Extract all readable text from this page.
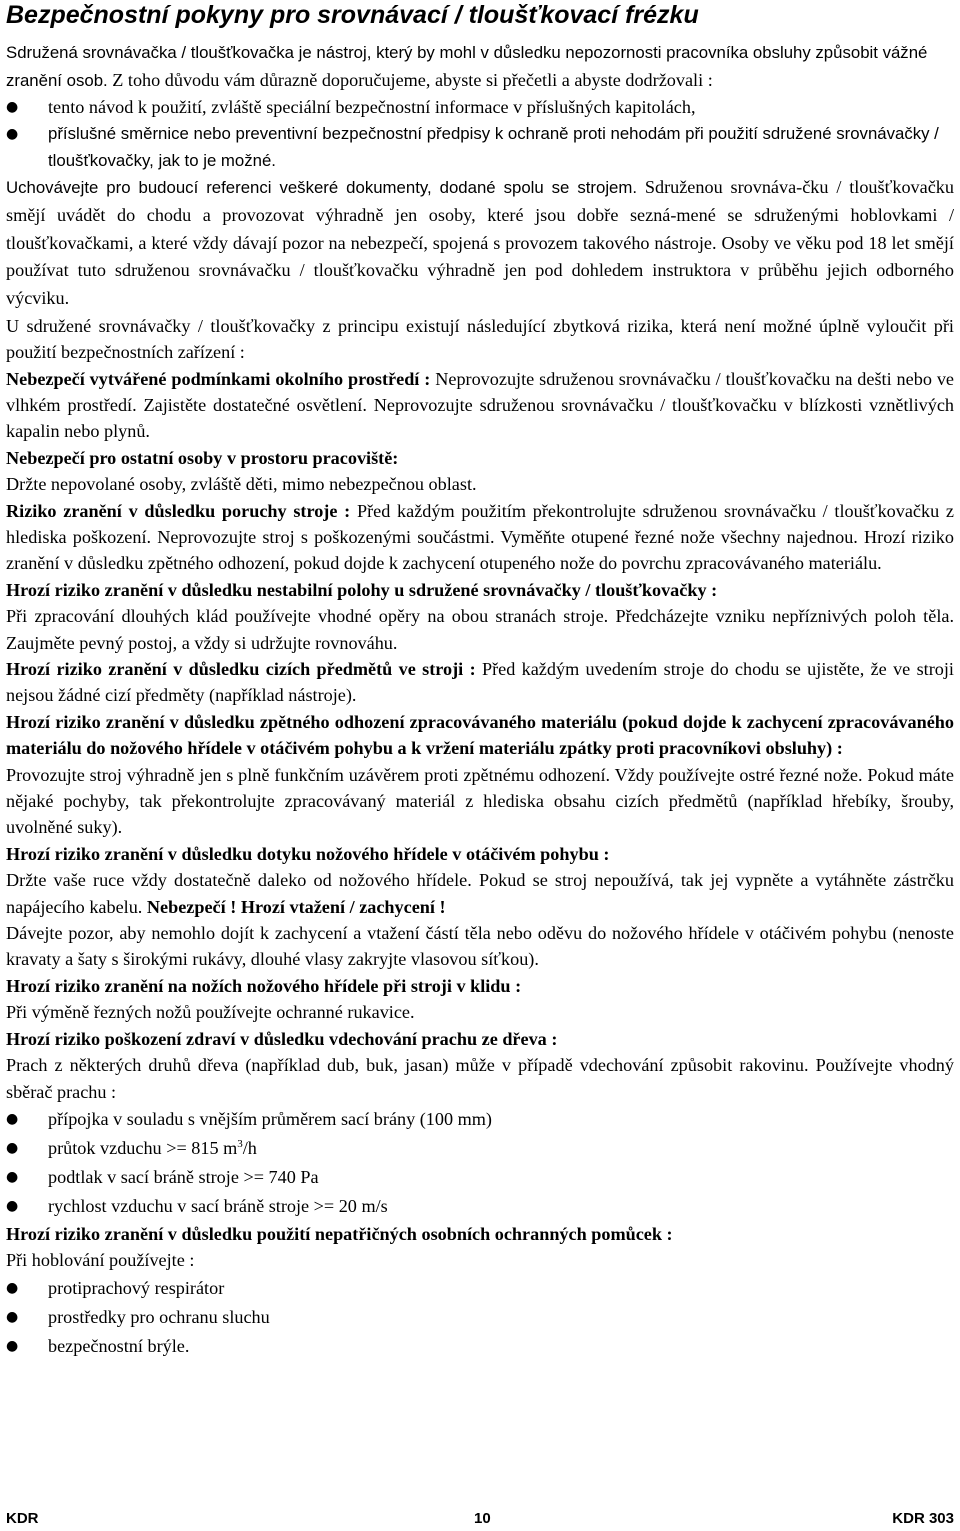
Bezpečnostní pokyny pro srovnávací / tloušťkovací frézku

Sdružená srovnávačka / tloušťkovačka je nástroj, který by mohl v důsledku nepozornosti pracovníka obsluhy způsobit vážné zranění osob. Z toho důvodu vám důrazně doporučujeme, abyste si přečetli a abyste dodržovali :

● tento návod k použití, zvláště speciální bezpečnostní informace v příslušných kapitolách,
● příslušné směrnice nebo preventivní bezpečnostní předpisy k ochraně proti nehodám při použití sdružené srovnávačky / tloušťkovačky, jak to je možné.

Uchovávejte pro budoucí referenci veškeré dokumenty, dodané spolu se strojem. Sdruženou srovnáva-čku / tloušťkovačku smějí uvádět do chodu a provozovat výhradně jen osoby, které jsou dobře sezná-mené se sdruženými hoblovkami / tloušťkovačkami, a které vždy dávají pozor na nebezpečí, spojená s provozem takového nástroje. Osoby ve věku pod 18 let smějí používat tuto sdruženou srovnávačku / tloušťkovačku výhradně jen pod dohledem instruktora v průběhu jejich odborného výcviku.

U sdružené srovnávačky / tloušťkovačky z principu existují následující zbytková rizika, která není možné úplně vyloučit při použití bezpečnostních zařízení :

Nebezpečí vytvářené podmínkami okolního prostředí : Neprovozujte sdruženou srovnávačku / tloušťkovačku na dešti nebo ve vlhkém prostředí. Zajistěte dostatečné osvětlení. Neprovozujte sdruženou srovnávačku / tloušťkovačku v blízkosti vznětlivých kapalin nebo plynů.

Nebezpečí pro ostatní osoby v prostoru pracoviště:

Držte nepovolané osoby, zvláště děti, mimo nebezpečnou oblast.

Riziko zranění v důsledku poruchy stroje : Před každým použitím překontrolujte sdruženou srovnávačku / tloušťkovačku z hlediska poškození. Neprovozujte stroj s poškozenými součástmi. Vyměňte otupené řezné nože všechny najednou. Hrozí riziko zranění v důsledku zpětného odhození, pokud dojde k zachycení otupeného nože do povrchu zpracovávaného materiálu.

Hrozí riziko zranění v důsledku nestabilní polohy u sdružené srovnávačky / tloušťkovačky :

Při zpracování dlouhých klád používejte vhodné opěry na obou stranách stroje. Předcházejte vzniku nepříznivých poloh těla. Zaujměte pevný postoj, a vždy si udržujte rovnováhu.

Hrozí riziko zranění v důsledku cizích předmětů ve stroji : Před každým uvedením stroje do chodu se ujistěte, že ve stroji nejsou žádné cizí předměty (například nástroje).

Hrozí riziko zranění v důsledku zpětného odhození zpracovávaného materiálu (pokud dojde k zachycení zpracovávaného materiálu do nožového hřídele v otáčivém pohybu a k vržení materiálu zpátky proti pracovníkovi obsluhy) :

Provozujte stroj výhradně jen s plně funkčním uzávěrem proti zpětnému odhození. Vždy používejte ostré řezné nože. Pokud máte nějaké pochyby, tak překontrolujte zpracovávaný materiál z hlediska obsahu cizích předmětů (například hřebíky, šrouby, uvolněné suky).

Hrozí riziko zranění v důsledku dotyku nožového hřídele v otáčivém pohybu :

Držte vaše ruce vždy dostatečně daleko od nožového hřídele. Pokud se stroj nepoužívá, tak jej vypněte a vytáhněte zástrčku napájecího kabelu. Nebezpečí ! Hrozí vtažení / zachycení !

Dávejte pozor, aby nemohlo dojít k zachycení a vtažení částí těla nebo oděvu do nožového hřídele v otáčivém pohybu (nenoste kravaty a šaty s širokými rukávy, dlouhé vlasy zakryjte vlasovou síťkou).

Hrozí riziko zranění na nožích nožového hřídele při stroji v klidu :

Při výměně řezných nožů používejte ochranné rukavice.

Hrozí riziko poškození zdraví v důsledku vdechování prachu ze dřeva :

Prach z některých druhů dřeva (například dub, buk, jasan) může v případě vdechování způsobit rakovinu. Používejte vhodný sběrač prachu :

● přípojka v souladu s vnějším průměrem sací brány (100 mm)
● průtok vzduchu >= 815 $m^3/h$
● podtlak v sací bráně stroje >= 740 Pa
● rychlost vzduchu v sací bráně stroje >= 20 m/s

Hrozí riziko zranění v důsledku použití nepatřičných osobních ochranných pomůcek :

Při hoblování používejte :

● protiprachový respirátor
● prostředky pro ochranu sluchu
● bezpečnostní brýle.
KDR	10	KDR 303
